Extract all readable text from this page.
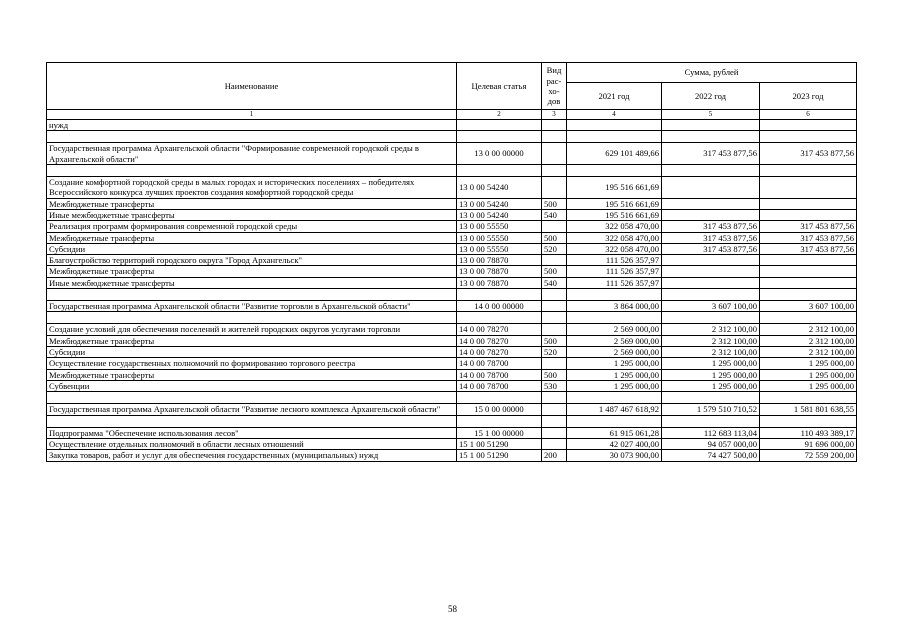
Наименование	Целевая статья	Вид рас-хо-дов	Сумма, рублей		
			2021 год	2022 год	2023 год
1	2	3	4	5	6
нужд					

Государственная программа Архангельской области "Формирование современной городской среды в Архангельской области"	13 0 00 00000		629 101 489,66	317 453 877,56	317 453 877,56

Создание комфортной городской среды в малых городах и исторических поселениях – победителях Всероссийского конкурса лучших проектов создания комфортной городской среды	13 0 00 54240		195 516 661,69		
Межбюджетные трансферты	13 0 00 54240	500	195 516 661,69		
Иные межбюджетные трансферты	13 0 00 54240	540	195 516 661,69		
Реализация программ формирования современной городской среды	13 0 00 55550		322 058 470,00	317 453 877,56	317 453 877,56
Межбюджетные трансферты	13 0 00 55550	500	322 058 470,00	317 453 877,56	317 453 877,56
Субсидии	13 0 00 55550	520	322 058 470,00	317 453 877,56	317 453 877,56
Благоустройство территорий городского округа "Город Архангельск"	13 0 00 78870		111 526 357,97		
Межбюджетные трансферты	13 0 00 78870	500	111 526 357,97		
Иные межбюджетные трансферты	13 0 00 78870	540	111 526 357,97		

Государственная программа Архангельской области "Развитие торговли в Архангельской области"	14 0 00 00000		3 864 000,00	3 607 100,00	3 607 100,00

Создание условий для обеспечения поселений и жителей городских округов услугами торговли	14 0 00 78270		2 569 000,00	2 312 100,00	2 312 100,00
Межбюджетные трансферты	14 0 00 78270	500	2 569 000,00	2 312 100,00	2 312 100,00
Субсидии	14 0 00 78270	520	2 569 000,00	2 312 100,00	2 312 100,00
Осуществление государственных полномочий по формированию торгового реестра	14 0 00 78700		1 295 000,00	1 295 000,00	1 295 000,00
Межбюджетные трансферты	14 0 00 78700	500	1 295 000,00	1 295 000,00	1 295 000,00
Субвенции	14 0 00 78700	530	1 295 000,00	1 295 000,00	1 295 000,00

Государственная программа Архангельской области "Развитие лесного комплекса Архангельской области"	15 0 00 00000		1 487 467 618,92	1 579 510 710,52	1 581 801 638,55

Подпрограмма "Обеспечение использования лесов"	15 1 00 00000		61 915 061,28	112 683 113,04	110 493 389,17
Осуществление отдельных полномочий в области лесных отношений	15 1 00 51290		42 027 400,00	94 057 000,00	91 696 000,00
Закупка товаров, работ и услуг для обеспечения государственных (муниципальных) нужд	15 1 00 51290	200	30 073 900,00	74 427 500,00	72 559 200,00
58
